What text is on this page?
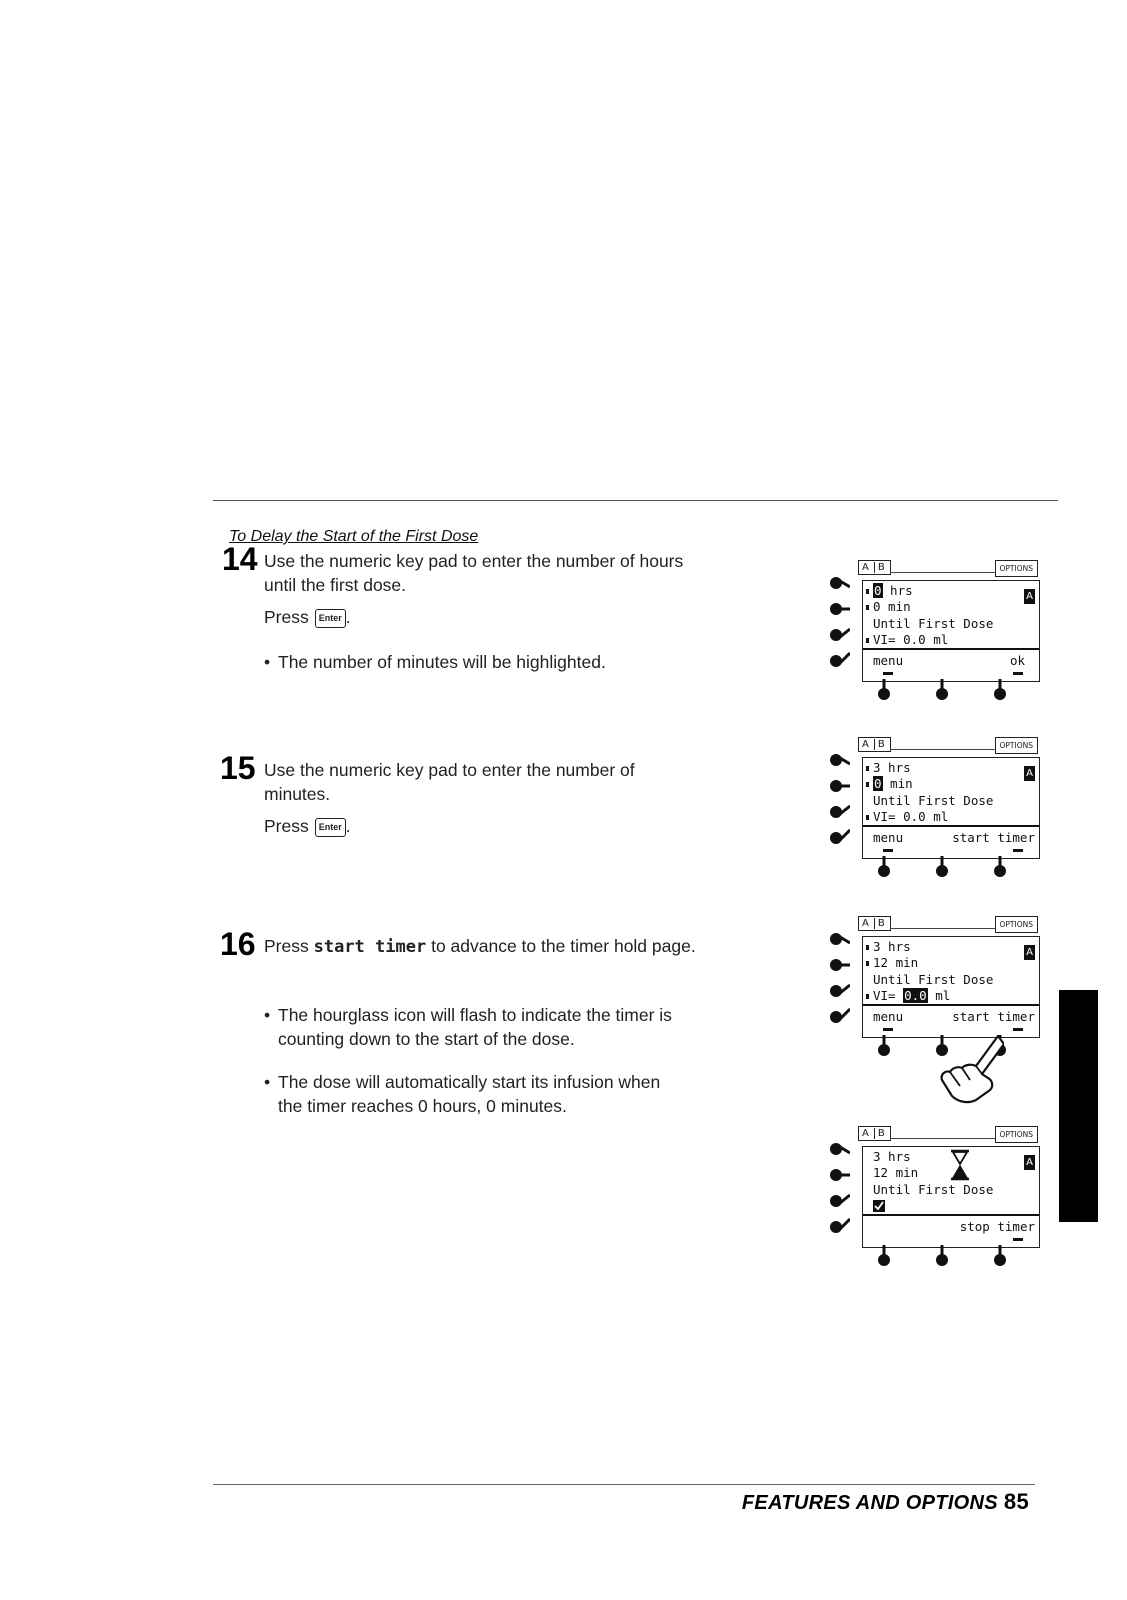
To Delay the Start of the First Dose
14 Use the numeric key pad to enter the number of hours until the first dose.

Press Enter .

• The number of minutes will be highlighted.
15 Use the numeric key pad to enter the number of minutes.

Press Enter .

16 Press start timer to advance to the timer hold page.

• The hourglass icon will flash to indicate the timer is counting down to the start of the dose.
• The dose will automatically start its infusion when the timer reaches 0 hours, 0 minutes.
A B	OPTIONS
0 hrs
0 min
Until First Dose
VI= 0.0 ml
A
menu	ok
A B	OPTIONS
3 hrs
0 min
Until First Dose
VI= 0.0 ml
A
menu	start timer
A B	OPTIONS
3 hrs
12 min
Until First Dose
VI= 0.0 ml
A
menu	start timer
A B	OPTIONS
3 hrs
12 min
Until First Dose
A
stop timer
FEATURES AND OPTIONS 85
